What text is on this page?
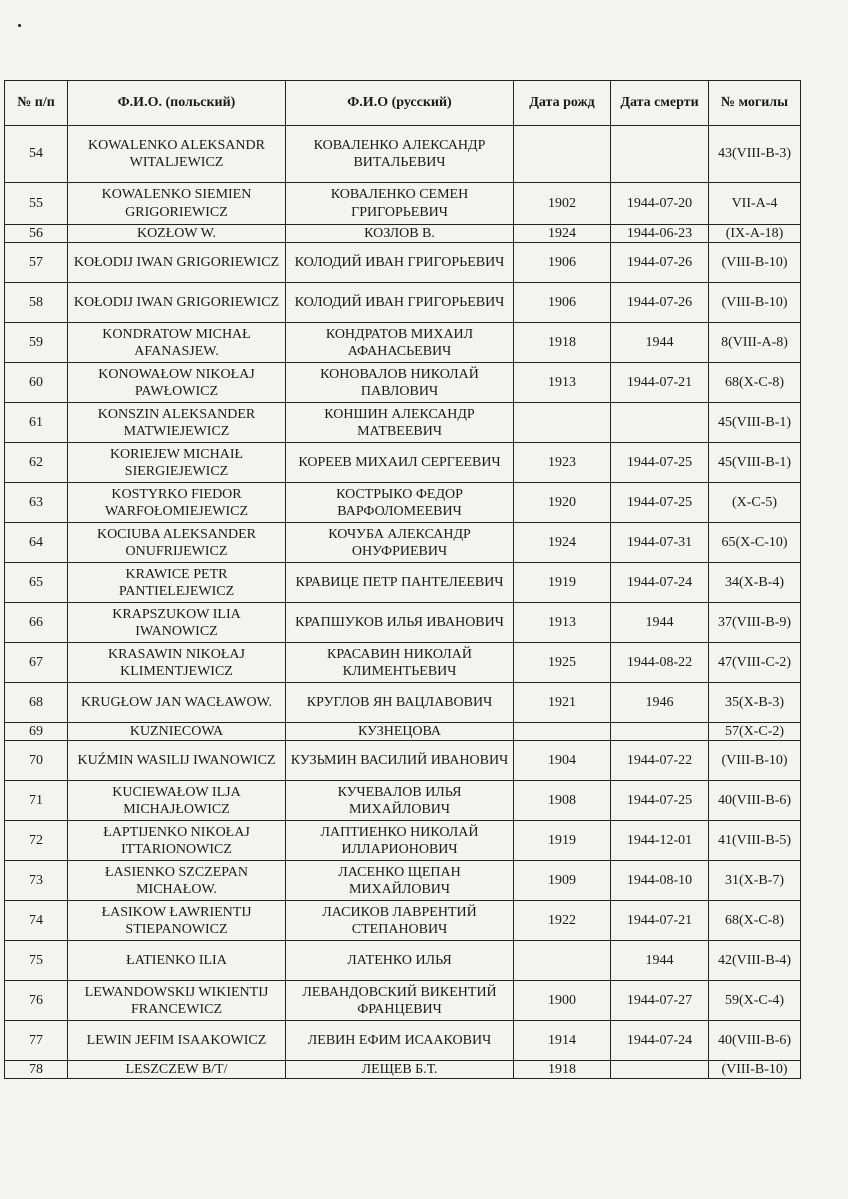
№ п/п	Ф.И.О. (польский)	Ф.И.О (русский)	Дата рожд	Дата смерти	№ могилы
54	KOWALENKO ALEKSANDR WITALJEWICZ	КОВАЛЕНКО АЛЕКСАНДР ВИТАЛЬЕВИЧ			43(VIII-B-3)
55	KOWALENKO SIEMIEN GRIGORIEWICZ	КОВАЛЕНКО СЕМЕН ГРИГОРЬЕВИЧ	1902	1944-07-20	VII-A-4
56	KOZŁOW W.	КОЗЛОВ В.	1924	1944-06-23	(IX-A-18)
57	KOŁODIJ IWAN GRIGORIEWICZ	КОЛОДИЙ ИВАН ГРИГОРЬЕВИЧ	1906	1944-07-26	(VIII-B-10)
58	KOŁODIJ IWAN GRIGORIEWICZ	КОЛОДИЙ ИВАН ГРИГОРЬЕВИЧ	1906	1944-07-26	(VIII-B-10)
59	KONDRATOW MICHAŁ AFANASJEW.	КОНДРАТОВ МИХАИЛ АФАНАСЬЕВИЧ	1918	1944	8(VIII-A-8)
60	KONOWAŁOW NIKOŁAJ PAWŁOWICZ	КОНОВАЛОВ НИКОЛАЙ ПАВЛОВИЧ	1913	1944-07-21	68(X-C-8)
61	KONSZIN ALEKSANDER MATWIEJEWICZ	КОНШИН АЛЕКСАНДР МАТВЕЕВИЧ			45(VIII-B-1)
62	KORIEJEW MICHAIŁ SIERGIEJEWICZ	КОРЕЕВ МИХАИЛ СЕРГЕЕВИЧ	1923	1944-07-25	45(VIII-B-1)
63	KOSTYRKO FIEDOR WARFOŁOMIEJEWICZ	КОСТРЫКО ФЕДОР ВАРФОЛОМЕЕВИЧ	1920	1944-07-25	(X-C-5)
64	KOCIUBA ALEKSANDER ONUFRIJEWICZ	КОЧУБА АЛЕКСАНДР ОНУФРИЕВИЧ	1924	1944-07-31	65(X-C-10)
65	KRAWICE PETR PANTIELEJEWICZ	КРАВИЦЕ ПЕТР ПАНТЕЛЕЕВИЧ	1919	1944-07-24	34(X-B-4)
66	KRAPSZUKOW ILIA IWANOWICZ	КРАПШУКОВ ИЛЬЯ ИВАНОВИЧ	1913	1944	37(VIII-B-9)
67	KRASAWIN NIKOŁAJ KLIMENTJEWICZ	КРАСАВИН НИКОЛАЙ КЛИМЕНТЬЕВИЧ	1925	1944-08-22	47(VIII-C-2)
68	KRUGŁOW JAN WACŁAWOW.	КРУГЛОВ ЯН ВАЦЛАВОВИЧ	1921	1946	35(X-B-3)
69	KUZNIECOWA	КУЗНЕЦОВА			57(X-C-2)
70	KUŹMIN WASILIJ IWANOWICZ	КУЗЬМИН ВАСИЛИЙ ИВАНОВИЧ	1904	1944-07-22	(VIII-B-10)
71	KUCIEWAŁOW ILJA MICHAJŁOWICZ	КУЧЕВАЛОВ ИЛЬЯ МИХАЙЛОВИЧ	1908	1944-07-25	40(VIII-B-6)
72	ŁAPTIJENKO NIKOŁAJ ITTARIONOWICZ	ЛАПТИЕНКО НИКОЛАЙ ИЛЛАРИОНОВИЧ	1919	1944-12-01	41(VIII-B-5)
73	ŁASIENKO SZCZEPAN MICHAŁOW.	ЛАСЕНКО ЩЕПАН МИХАЙЛОВИЧ	1909	1944-08-10	31(X-B-7)
74	ŁASIKOW ŁAWRIENTIJ STIEPANOWICZ	ЛАСИКОВ ЛАВРЕНТИЙ СТЕПАНОВИЧ	1922	1944-07-21	68(X-C-8)
75	ŁATIENKO ILIA	ЛАТЕНКО ИЛЬЯ		1944	42(VIII-B-4)
76	LEWANDOWSKIJ WIKIENTIJ FRANCEWICZ	ЛЕВАНДОВСКИЙ ВИКЕНТИЙ ФРАНЦЕВИЧ	1900	1944-07-27	59(X-C-4)
77	LEWIN JEFIM ISAAKOWICZ	ЛЕВИН ЕФИМ ИСААКОВИЧ	1914	1944-07-24	40(VIII-B-6)
78	LESZCZEW B/T/	ЛЕЩЕВ Б.Т.	1918		(VIII-B-10)
